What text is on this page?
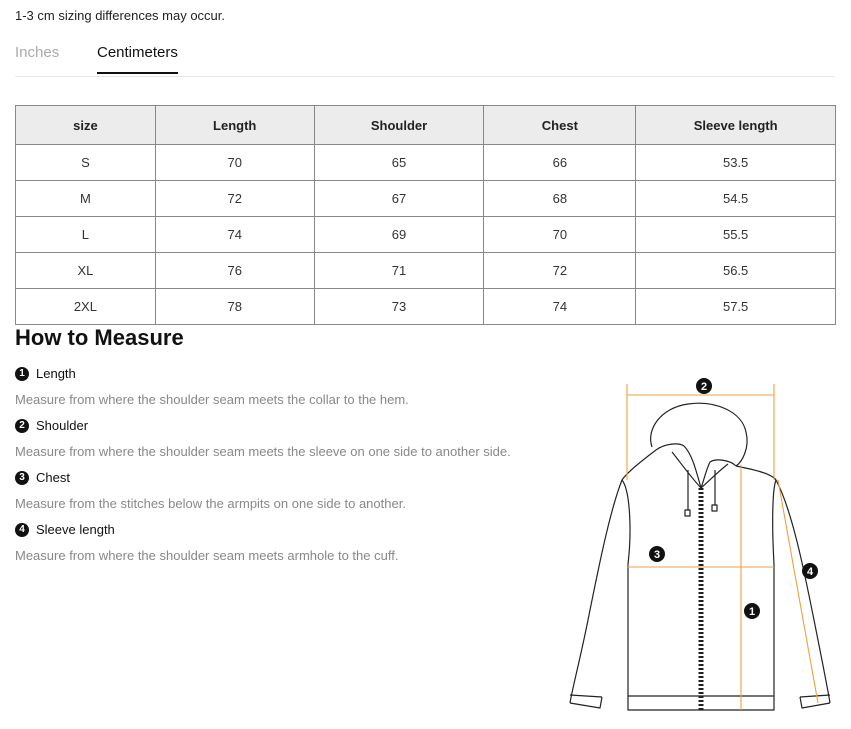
1-3 cm sizing differences may occur.
Inches	Centimeters
size	Length	Shoulder	Chest	Sleeve length
S	70	65	66	53.5
M	72	67	68	54.5
L	74	69	70	55.5
XL	76	71	72	56.5
2XL	78	73	74	57.5
How to Measure
1 Length
Measure from where the shoulder seam meets the collar to the hem.
2 Shoulder
Measure from where the shoulder seam meets the sleeve on one side to another side.
3 Chest
Measure from the stitches below the armpits on one side to another.
4 Sleeve length
Measure from where the shoulder seam meets armhole to the cuff.
2
3
4
1
